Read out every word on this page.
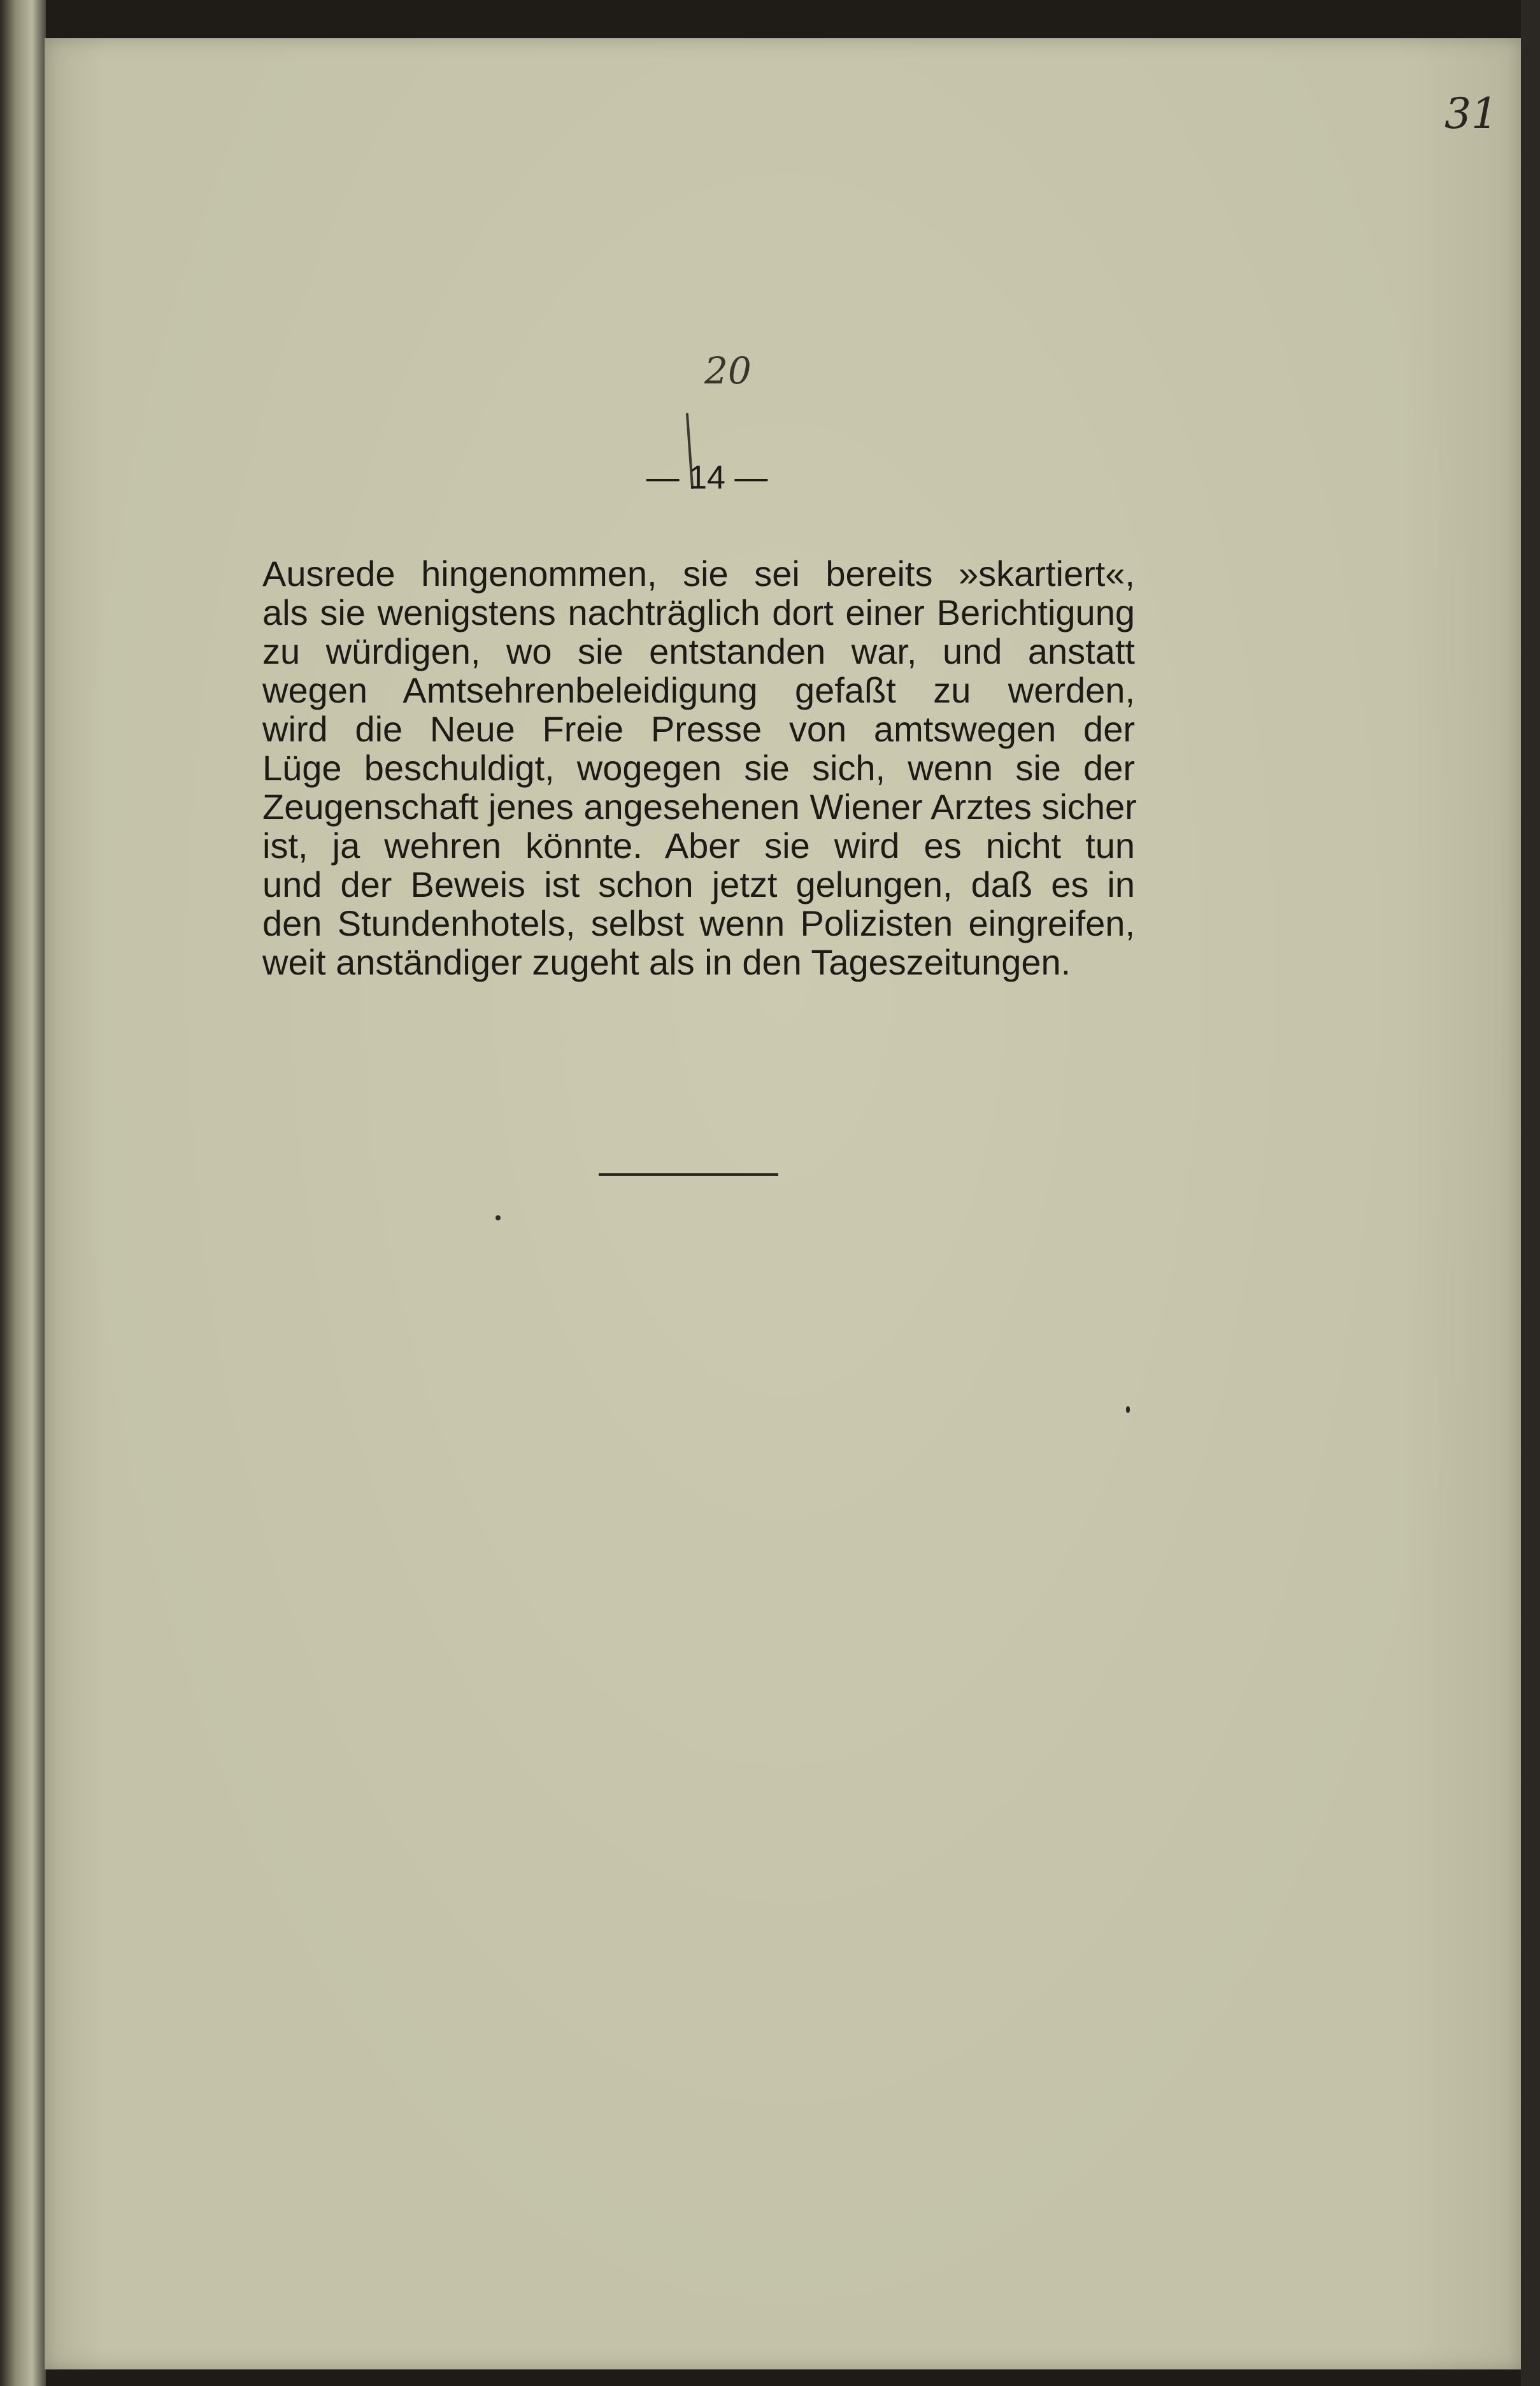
31
20
— 14 —
Ausrede hingenommen, sie sei bereits »skartiert«,
als sie wenigstens nachträglich dort einer Berichtigung
zu würdigen, wo sie entstanden war, und anstatt
wegen Amtsehrenbeleidigung gefaßt zu werden,
wird die Neue Freie Presse von amtswegen der
Lüge beschuldigt, wogegen sie sich, wenn sie der
Zeugenschaft jenes angesehenen Wiener Arztes sicher
ist, ja wehren könnte. Aber sie wird es nicht tun
und der Beweis ist schon jetzt gelungen, daß es in
den Stundenhotels, selbst wenn Polizisten eingreifen,
weit anständiger zugeht als in den Tageszeitungen.
